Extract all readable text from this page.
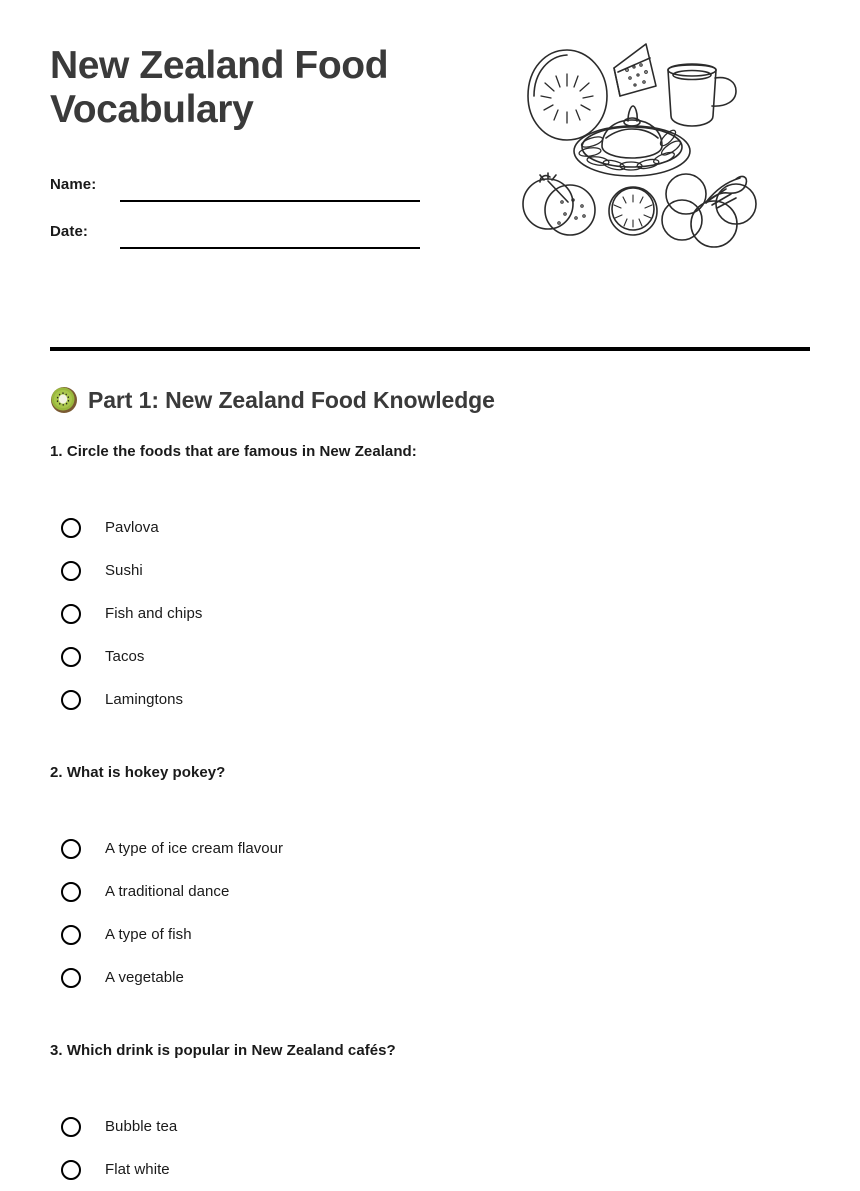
New Zealand Food Vocabulary
Name:
Date:
Part 1: New Zealand Food Knowledge

1. Circle the foods that are famous in New Zealand:

Pavlova
Sushi
Fish and chips
Tacos
Lamingtons

2. What is hokey pokey?

A type of ice cream flavour
A traditional dance
A type of fish
A vegetable

3. Which drink is popular in New Zealand cafés?

Bubble tea
Flat white
